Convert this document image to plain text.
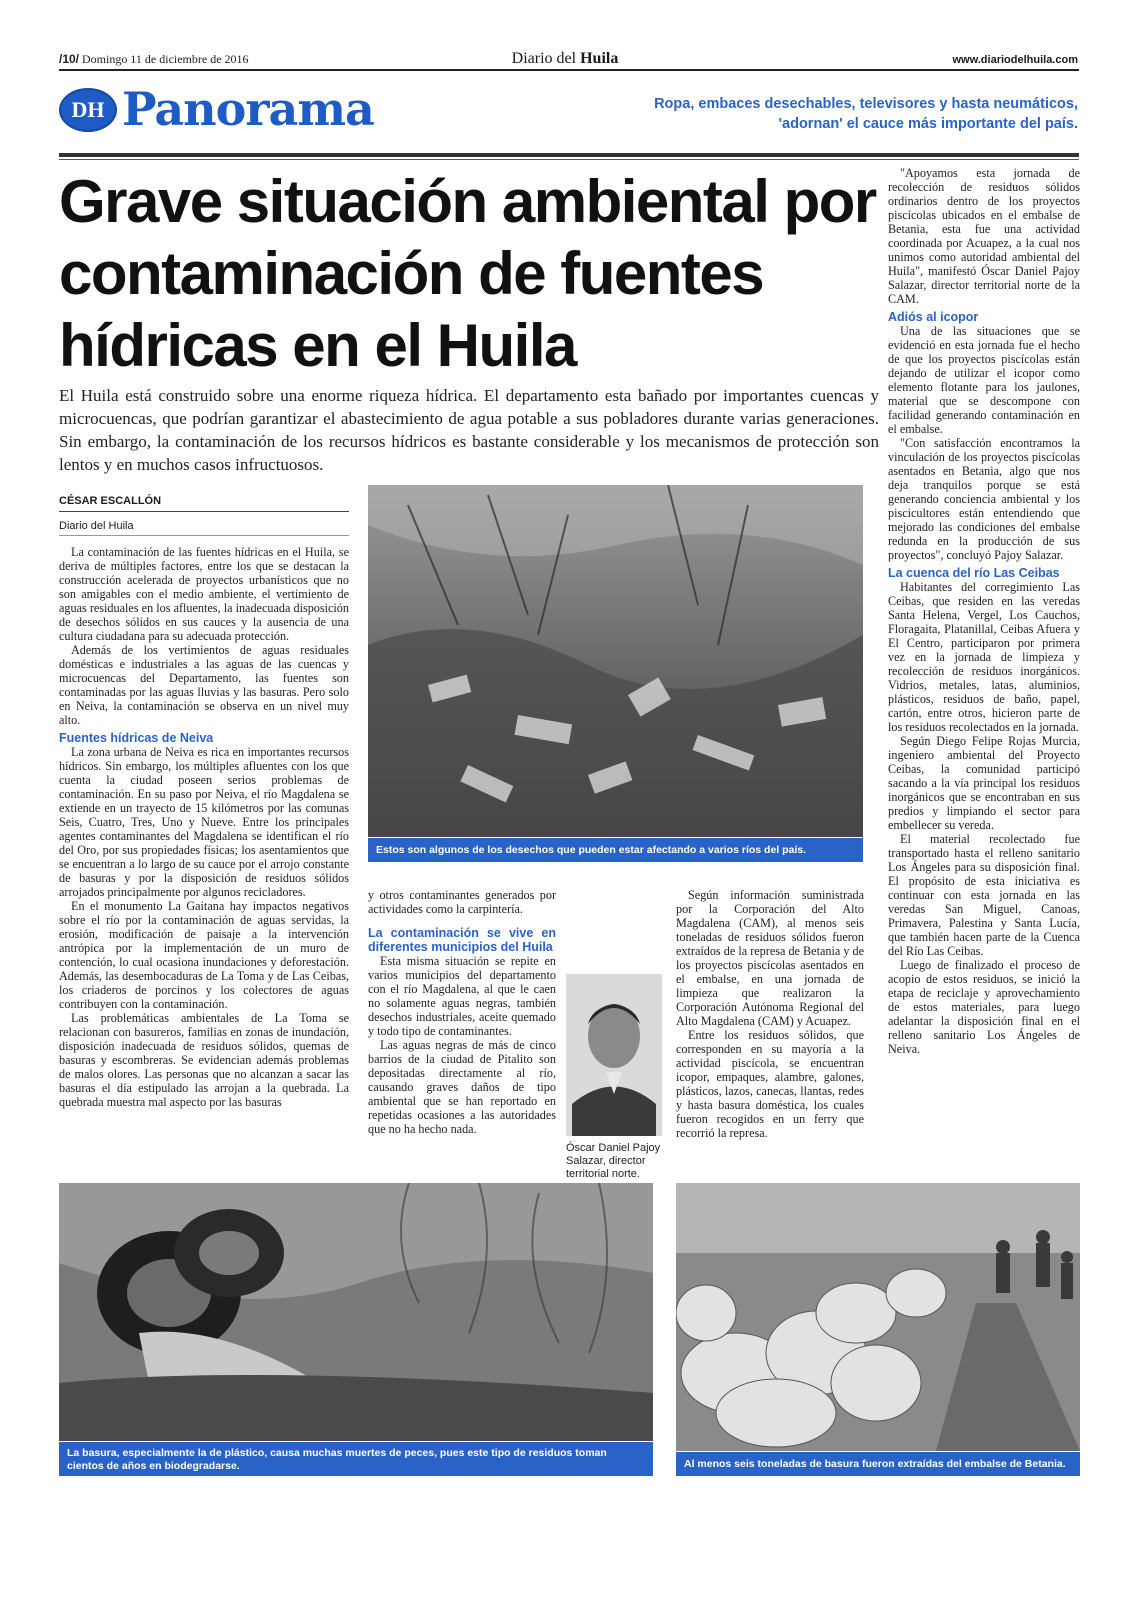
/10/ Domingo 11 de diciembre de 2016	Diario del Huila	www.diariodelhuila.com
DH Panorama	Ropa, embaces desechables, televisores y hasta neumáticos,
'adornan' el cauce más importante del país.
Grave situación ambiental por contaminación de fuentes hídricas en el Huila

El Huila está construido sobre una enorme riqueza hídrica. El departamento esta bañado por importantes cuencas y microcuencas, que podrían garantizar el abastecimiento de agua potable a sus pobladores durante varias generaciones. Sin embargo, la contaminación de los recursos hídricos es bastante considerable y los mecanismos de protección son lentos y en muchos casos infructuosos.

CÉSAR ESCALLÓN
Diario del Huila

La contaminación de las fuentes hídricas en el Huila, se deriva de múltiples factores, entre los que se destacan la construcción acelerada de proyectos urbanísticos que no son amigables con el medio ambiente, el vertimiento de aguas residuales en los afluentes, la inadecuada disposición de desechos sólidos en sus cauces y la ausencia de una cultura ciudadana para su adecuada protección.

Además de los vertimientos de aguas residuales domésticas e industriales a las aguas de las cuencas y microcuencas del Departamento, las fuentes son contaminadas por las aguas lluvias y las basuras. Pero solo en Neiva, la contaminación se observa en un nivel muy alto.

Fuentes hídricas de Neiva

La zona urbana de Neiva es rica en importantes recursos hídricos. Sin embargo, los múltiples afluentes con los que cuenta la ciudad poseen serios problemas de contaminación. En su paso por Neiva, el río Magdalena se extiende en un trayecto de 15 kilómetros por las comunas Seis, Cuatro, Tres, Uno y Nueve. Entre los principales agentes contaminantes del Magdalena se identifican el río del Oro, por sus propiedades físicas; los asentamientos que se encuentran a lo largo de su cauce por el arrojo constante de basuras y por la disposición de residuos sólidos arrojados principalmente por algunos recicladores.

En el monumento La Gaitana hay impactos negativos sobre el río por la contaminación de aguas servidas, la erosión, modificación de paisaje a la intervención antrópica por la implementación de un muro de contención, lo cual ocasiona inundaciones y deforestación. Además, las desembocaduras de La Toma y de Las Ceibas, los criaderos de porcinos y los colectores de aguas contribuyen con la contaminación.

Las problemáticas ambientales de La Toma se relacionan con basureros, familias en zonas de inundación, disposición inadecuada de residuos sólidos, quemas de basuras y escombreras. Se evidencian además problemas de malos olores. Las personas que no alcanzan a sacar las basuras el día estipulado las arrojan a la quebrada. La quebrada muestra mal aspecto por las basuras

Estos son algunos de los desechos que pueden estar afectando a varios ríos del país.

y otros contaminantes generados por actividades como la carpintería.

La contaminación se vive en diferentes municipios del Huila

Esta misma situación se repite en varios municipios del departamento con el río Magdalena, al que le caen no solamente aguas negras, también desechos industriales, aceite quemado y todo tipo de contaminantes.

Las aguas negras de más de cinco barrios de la ciudad de Pitalito son depositadas directamente al río, causando graves daños de tipo ambiental que se han reportado en repetidas ocasiones a las autoridades que no ha hecho nada.

Óscar Daniel Pajoy Salazar, director territorial norte.

Según información suministrada por la Corporación del Alto Magdalena (CAM), al menos seis toneladas de residuos sólidos fueron extraídos de la represa de Betania y de los proyectos piscícolas asentados en el embalse, en una jornada de limpieza que realizaron la Corporación Autónoma Regional del Alto Magdalena (CAM) y Acuapez.

Entre los residuos sólidos, que corresponden en su mayoría a la actividad piscícola, se encuentran icopor, empaques, alambre, galones, plásticos, lazos, canecas, llantas, redes y hasta basura doméstica, los cuales fueron recogidos en un ferry que recorrió la represa.

"Apoyamos esta jornada de recolección de residuos sólidos ordinarios dentro de los proyectos piscícolas ubicados en el embalse de Betania, esta fue una actividad coordinada por Acuapez, a la cual nos unimos como autoridad ambiental del Huila", manifestó Óscar Daniel Pajoy Salazar, director territorial norte de la CAM.

Adiós al icopor

Una de las situaciones que se evidenció en esta jornada fue el hecho de que los proyectos piscícolas están dejando de utilizar el icopor como elemento flotante para los jaulones, material que se descompone con facilidad generando contaminación en el embalse.

"Con satisfacción encontramos la vinculación de los proyectos piscícolas asentados en Betania, algo que nos deja tranquilos porque se está generando conciencia ambiental y los piscicultores están entendiendo que mejorado las condiciones del embalse redunda en la producción de sus proyectos", concluyó Pajoy Salazar.

La cuenca del río Las Ceibas

Habitantes del corregimiento Las Ceibas, que residen en las veredas Santa Helena, Vergel, Los Cauchos, Floragaita, Platanillal, Ceibas Afuera y El Centro, participaron por primera vez en la jornada de limpieza y recolección de residuos inorgánicos. Vidrios, metales, latas, aluminios, plásticos, residuos de baño, papel, cartón, entre otros, hicieron parte de los residuos recolectados en la jornada.

Según Diego Felipe Rojas Murcia, ingeniero ambiental del Proyecto Ceibas, la comunidad participó sacando a la vía principal los residuos inorgánicos que se encontraban en sus predios y limpiando el sector para embellecer su vereda.

El material recolectado fue transportado hasta el relleno sanitario Los Ángeles para su disposición final. El propósito de esta iniciativa es continuar con esta jornada en las veredas San Miguel, Canoas, Primavera, Palestina y Santa Lucía, que también hacen parte de la Cuenca del Río Las Ceibas.

Luego de finalizado el proceso de acopio de estos residuos, se inició la etapa de reciclaje y aprovechamiento de estos materiales, para luego adelantar la disposición final en el relleno sanitario Los Ángeles de Neiva.

La basura, especialmente la de plástico, causa muchas muertes de peces, pues este tipo de residuos toman cientos de años en biodegradarse.	Al menos seis toneladas de basura fueron extraídas del embalse de Betania.
